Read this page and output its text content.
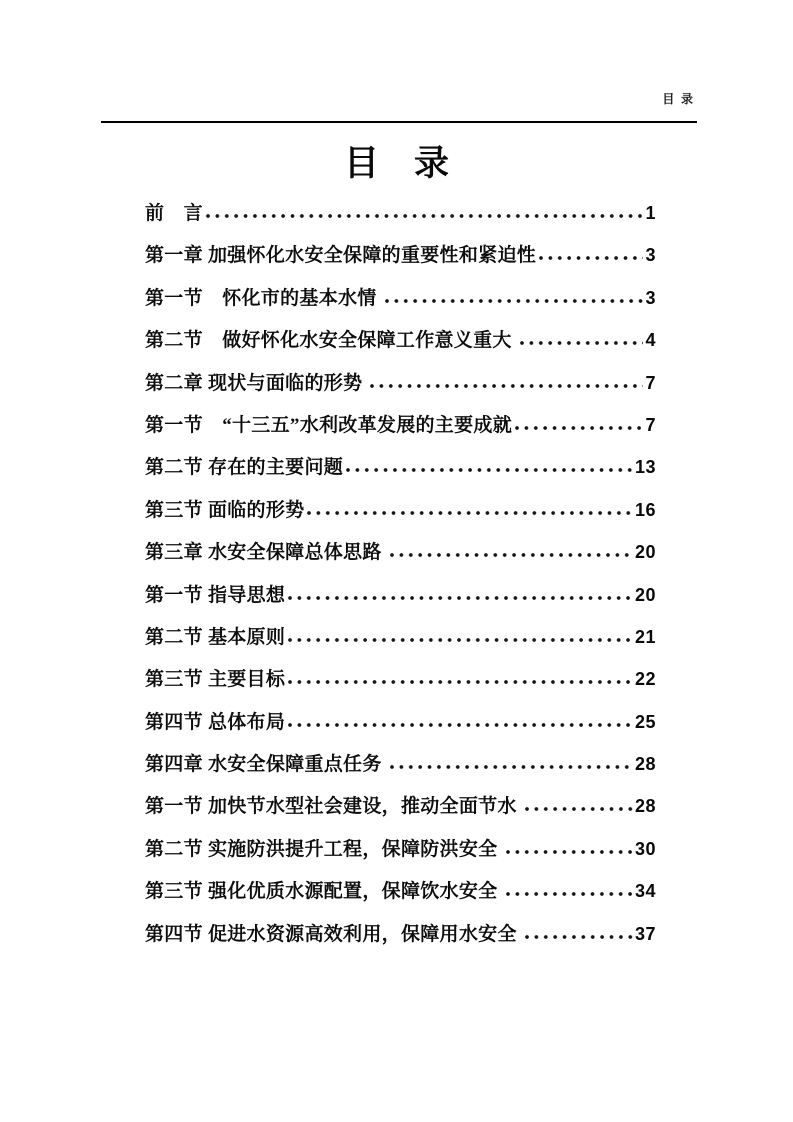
目  录
目　录
前　言	1
第一章 加强怀化水安全保障的重要性和紧迫性	3
第一节　怀化市的基本水情	3
第二节　做好怀化水安全保障工作意义重大	4
第二章 现状与面临的形势	7
第一节　“十三五”水利改革发展的主要成就	7
第二节 存在的主要问题	13
第三节 面临的形势	16
第三章 水安全保障总体思路	20
第一节 指导思想	20
第二节 基本原则	21
第三节 主要目标	22
第四节 总体布局	25
第四章 水安全保障重点任务	28
第一节 加快节水型社会建设，推动全面节水	28
第二节 实施防洪提升工程，保障防洪安全	30
第三节 强化优质水源配置，保障饮水安全	34
第四节 促进水资源高效利用，保障用水安全	37
